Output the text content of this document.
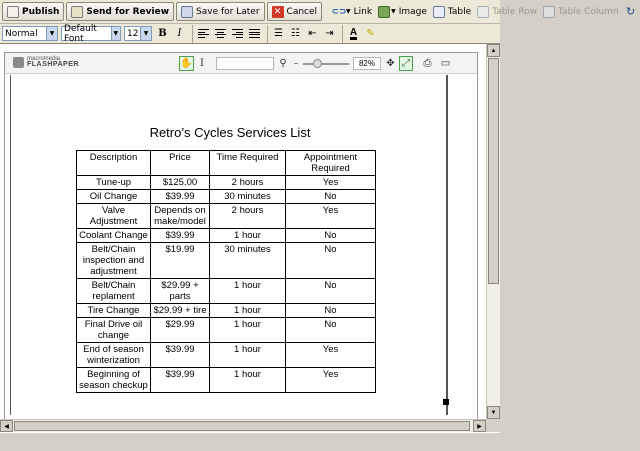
Publish	Send for Review	Save for Later ✕ Cancel ⊂⊃ ▼ Link	▼ Image Table Table Row Table Column ↻
Normal	▼ Default Font	▼ 12 ▼ B	I	☰ ☷ ⇤ ⇥ A ✎
▲
▼
macromedia
FLASHPAPER	✋ I	⚲ −	82%	✥ ⤢	⎙ ▭
Retro’s Cycles Services List
Description	Price	Time Required	Appointment Required
Tune-up	$125.00	2 hours	Yes
Oil Change	$39.99	30 minutes	No
Valve Adjustment	Depends on make/model	2 hours	Yes
Coolant Change	$39.99	1 hour	No
Belt/Chain inspection and adjustment	$19.99	30 minutes	No
Belt/Chain replament	$29.99 + parts	1 hour	No
Tire Change	$29.99 + tire	1 hour	No
Final Drive oil change	$29.99	1 hour	No
End of season winterization	$39.99	1 hour	Yes
Beginning of season checkup	$39.99	1 hour	Yes
◀	▶
